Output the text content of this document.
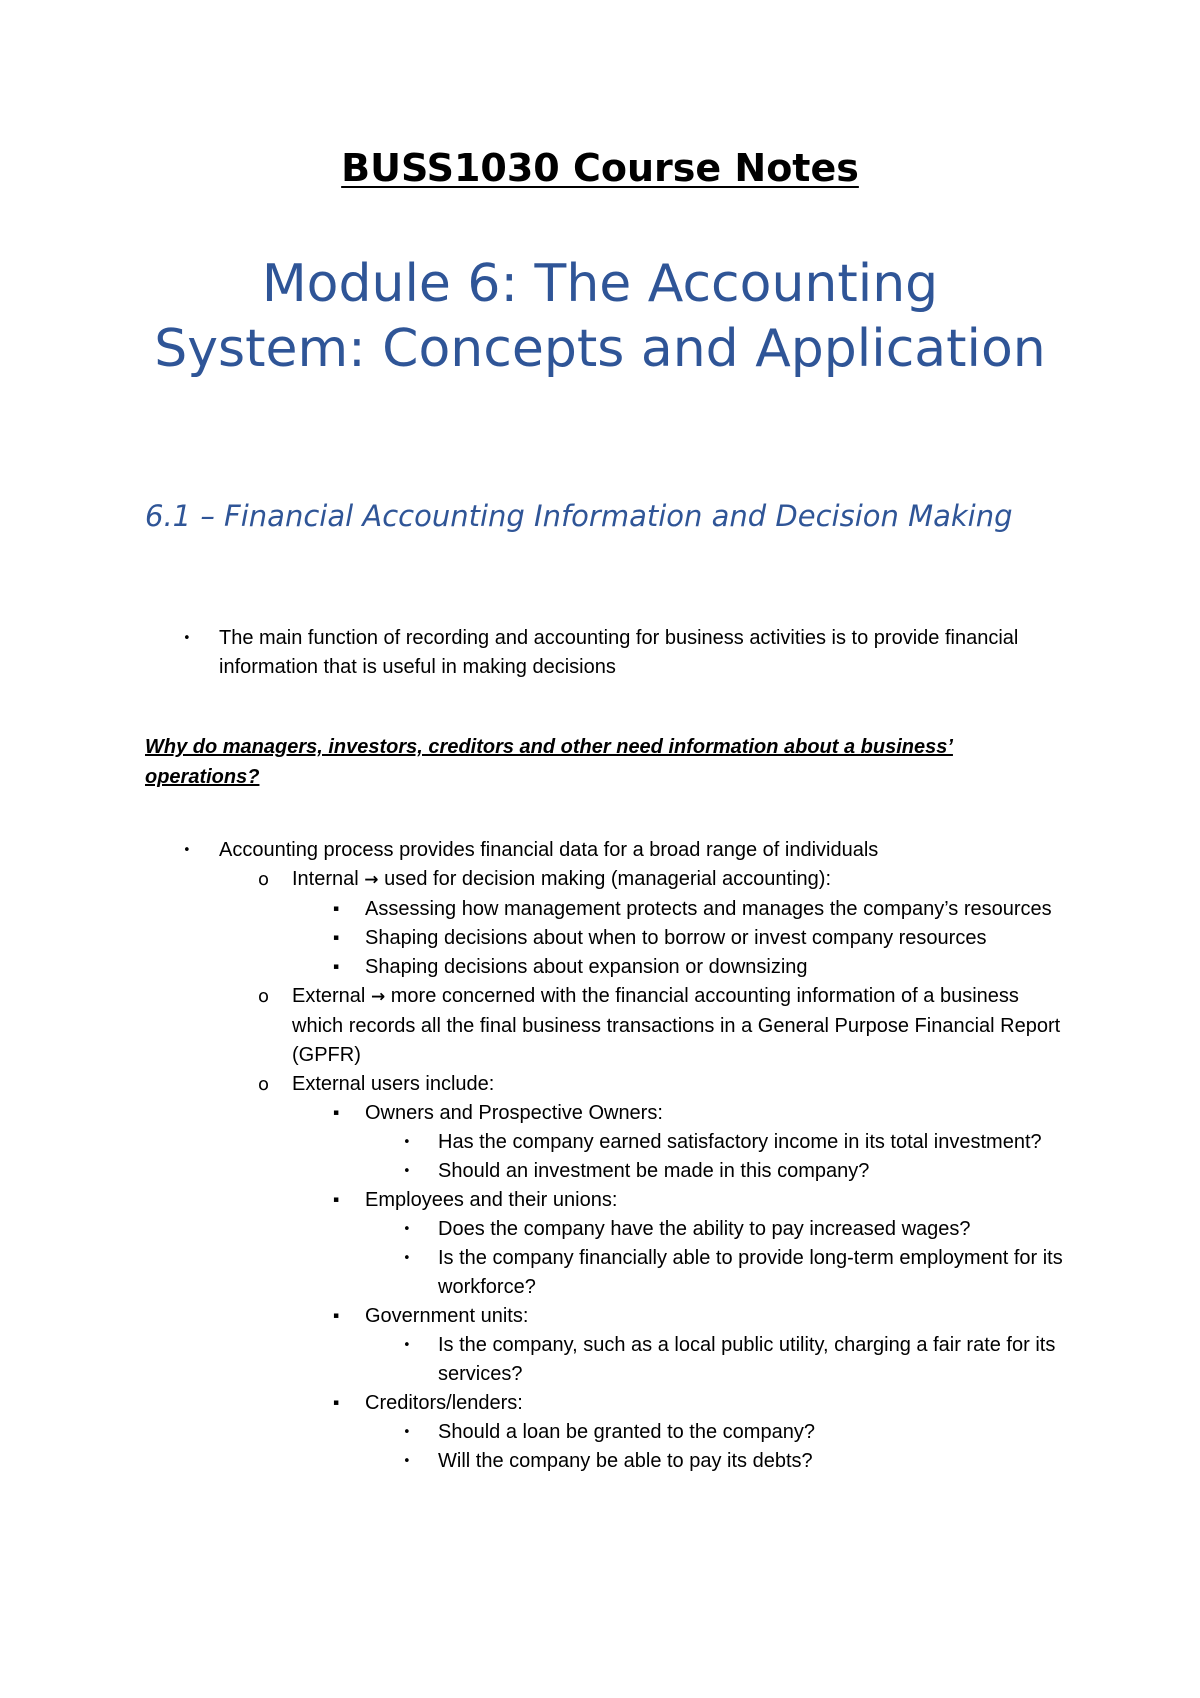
BUSS1030 Course Notes
Module 6: The Accounting System: Concepts and Application
6.1 – Financial Accounting Information and Decision Making
• The main function of recording and accounting for business activities is to provide financial information that is useful in making decisions

Why do managers, investors, creditors and other need information about a business’ operations?

• Accounting process provides financial data for a broad range of individuals
o Internal → used for decision making (managerial accounting):
▪ Assessing how management protects and manages the company’s resources
▪ Shaping decisions about when to borrow or invest company resources
▪ Shaping decisions about expansion or downsizing
o External → more concerned with the financial accounting information of a business which records all the final business transactions in a General Purpose Financial Report (GPFR)
o External users include:
▪ Owners and Prospective Owners:
• Has the company earned satisfactory income in its total investment?
• Should an investment be made in this company?
▪ Employees and their unions:
• Does the company have the ability to pay increased wages?
• Is the company financially able to provide long-term employment for its workforce?
▪ Government units:
• Is the company, such as a local public utility, charging a fair rate for its services?
▪ Creditors/lenders:
• Should a loan be granted to the company?
• Will the company be able to pay its debts?
